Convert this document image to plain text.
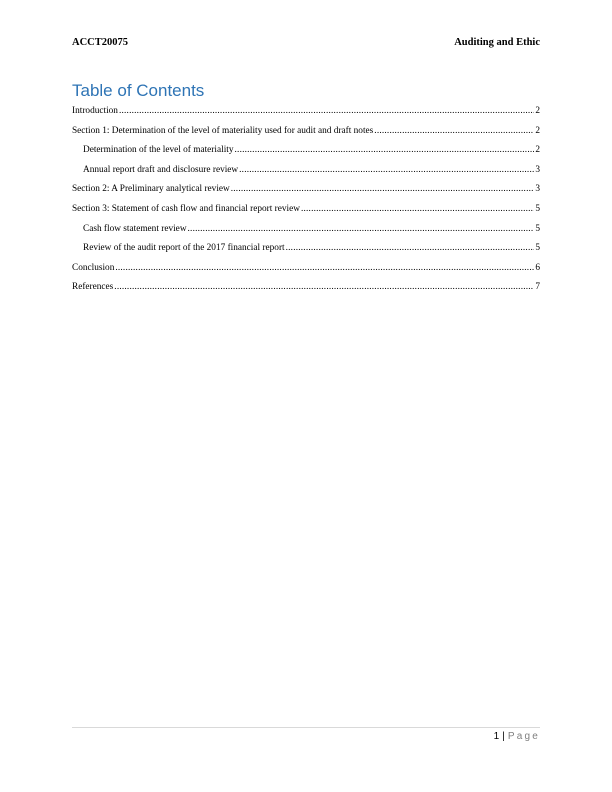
ACCT20075	Auditing and Ethic
Table of Contents
Introduction .....	2
Section 1: Determination of the level of materiality used for audit and draft notes .....	2
Determination of the level of materiality .....	2
Annual report draft and disclosure review .....	3
Section 2: A Preliminary analytical review .....	3
Section 3: Statement of cash flow and financial report review .....	5
Cash flow statement review .....	5
Review of the audit report of the 2017 financial report .....	5
Conclusion .....	6
References .....	7
1 | Page
